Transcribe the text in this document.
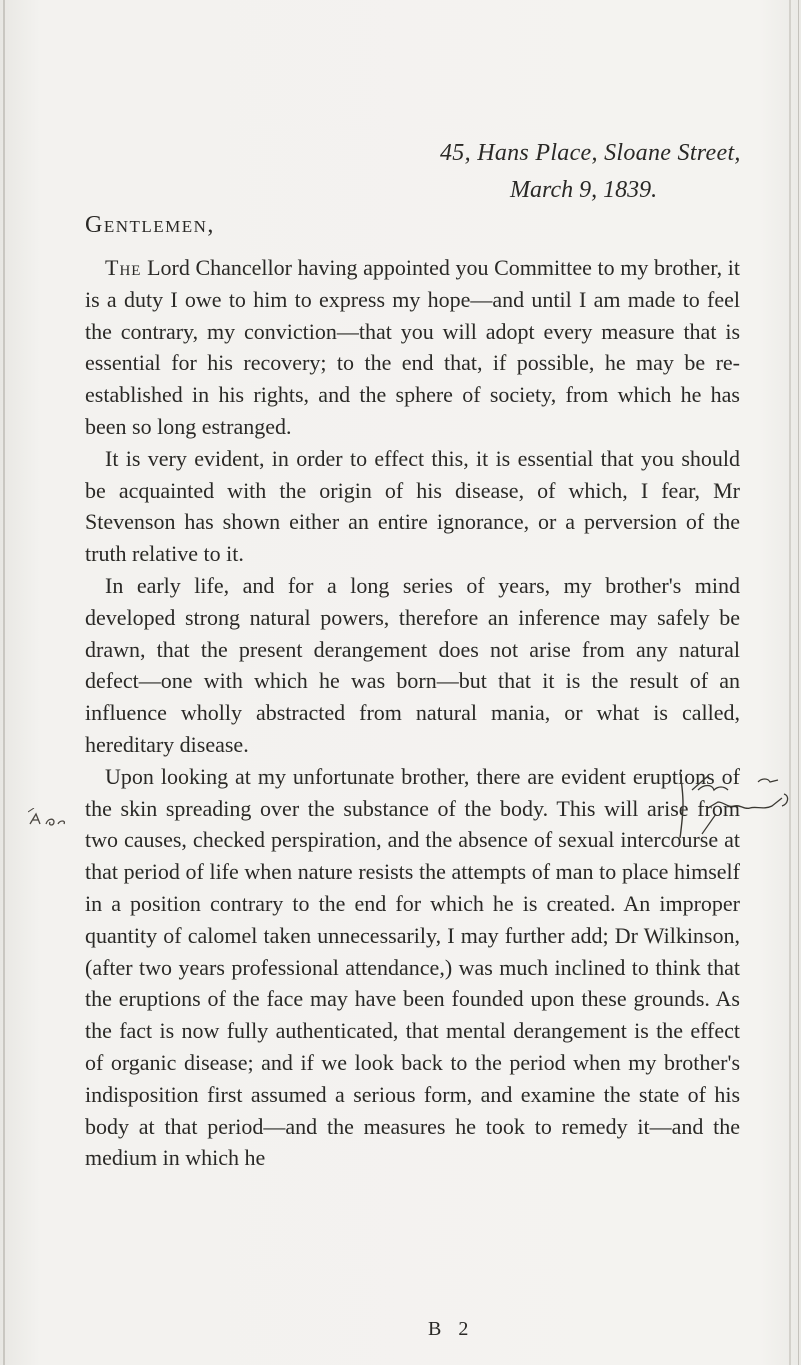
45, Hans Place, Sloane Street,
March 9, 1839.
Gentlemen,

The Lord Chancellor having appointed you Committee to my brother, it is a duty I owe to him to express my hope—and until I am made to feel the contrary, my conviction—that you will adopt every measure that is essential for his recovery; to the end that, if possible, he may be re-established in his rights, and the sphere of society, from which he has been so long estranged.

It is very evident, in order to effect this, it is essential that you should be acquainted with the origin of his disease, of which, I fear, Mr Stevenson has shown either an entire ignorance, or a perversion of the truth relative to it.

In early life, and for a long series of years, my brother's mind developed strong natural powers, therefore an inference may safely be drawn, that the present derangement does not arise from any natural defect—one with which he was born—but that it is the result of an influence wholly abstracted from natural mania, or what is called, hereditary disease.

Upon looking at my unfortunate brother, there are evident eruptions of the skin spreading over the substance of the body. This will arise from two causes, checked perspiration, and the absence of sexual intercourse at that period of life when nature resists the attempts of man to place himself in a position contrary to the end for which he is created. An improper quantity of calomel taken unnecessarily, I may further add; Dr Wilkinson, (after two years professional attendance,) was much inclined to think that the eruptions of the face may have been founded upon these grounds. As the fact is now fully authenticated, that mental derangement is the effect of organic disease; and if we look back to the period when my brother's indisposition first assumed a serious form, and examine the state of his body at that period—and the measures he took to remedy it—and the medium in which he

B 2
